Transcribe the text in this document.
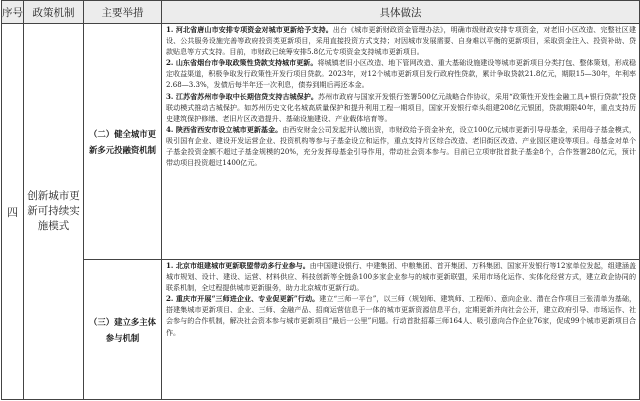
序号	政策机制	主要举措	具体做法
四	创新城市更新可持续实施模式	（二）健全城市更新多元投融资机制	1. 河北省唐山市安排专项资金对城市更新给予支持。出台《城市更新财政资金管理办法》，明确市级财政安排专项资金，对老旧小区改造、完整社区建设、公共服务设施完善等政府投资类更新项目，采用直接投资方式支持；对因城市发展需要、自身难以平衡的更新项目，采取资金注入、投资补助、贷款贴息等方式支持。目前，市财政已统筹安排5.8亿元专项资金支持城市更新项目。

2. 山东省烟台市争取政策性贷款支持城市更新。将城镇老旧小区改造、地下管网改造、重大基础设施建设等城市更新项目分类打包、整体策划，形成稳定收益渠道，积极争取发行政策性开发行项目贷款。2023年，对12个城市更新项目发行政府性贷款，累计争取贷款21.8亿元，期限15—30年，年利率2.68—3.3%，发债后每半年还一次利息，债券到期后再还本金。

3. 江苏省苏州市争取中长期信贷支持古城保护。苏州市政府与国家开发银行签署500亿元战略合作协议，采用“政策性开发性金融工具+银行贷款”投贷联动模式推动古城保护。如苏州历史文化名城高质量保护和提升利用工程一期项目，国家开发银行牵头组建208亿元银团，贷款期限40年，重点支持历史建筑保护修缮、老旧片区改造提升、基础设施建设、产业载体培育等。

4. 陕西省西安市设立城市更新基金。由西安财金公司发起并认缴出资，市财政给予资金补充，设立100亿元城市更新引导母基金，采用母子基金模式，吸引国有企业、建设开发运营企业、投资机构等参与子基金设立和运作，重点支持片区综合改造、老旧街区改造、产业园区建设等项目。母基金对单个子基金投资金额不超过子基金规模的20%，充分发挥母基金引导作用，带动社会资本参与。目前已立项审批首批子基金8个，合作签署280亿元，预计带动项目投资超过1400亿元。

		（三）建立多主体参与机制	1. 北京市组建城市更新联盟带动多行业参与。由中国建设银行、中建集团、中粮集团、首开集团、万科集团、国家开发银行等12家单位发起，组建涵盖城市规划、设计、建设、运营、材料供应、科技创新等全链条100多家企业参与的城市更新联盟，采用市场化运作、实体化经营方式，建立政企协同的联系机制，全过程提供城市更新服务，助力北京城市更新行动。

2. 重庆市开展“三师进企业、专业促更新”行动。建立“三师一平台”，以三师（规划师、建筑师、工程师）、意向企业、潜在合作项目三张清单为基础，搭建集城市更新项目、企业、三师、金融产品、招商运营信息于一体的城市更新资源信息平台，定期更新并向社会公开，建立政府引导、市场运作、社会参与的合作机制，解决社会资本参与城市更新项目“最后一公里”问题。行动首批招募三师164人、吸引意向合作企业76家，促成99个城市更新项目合作。
